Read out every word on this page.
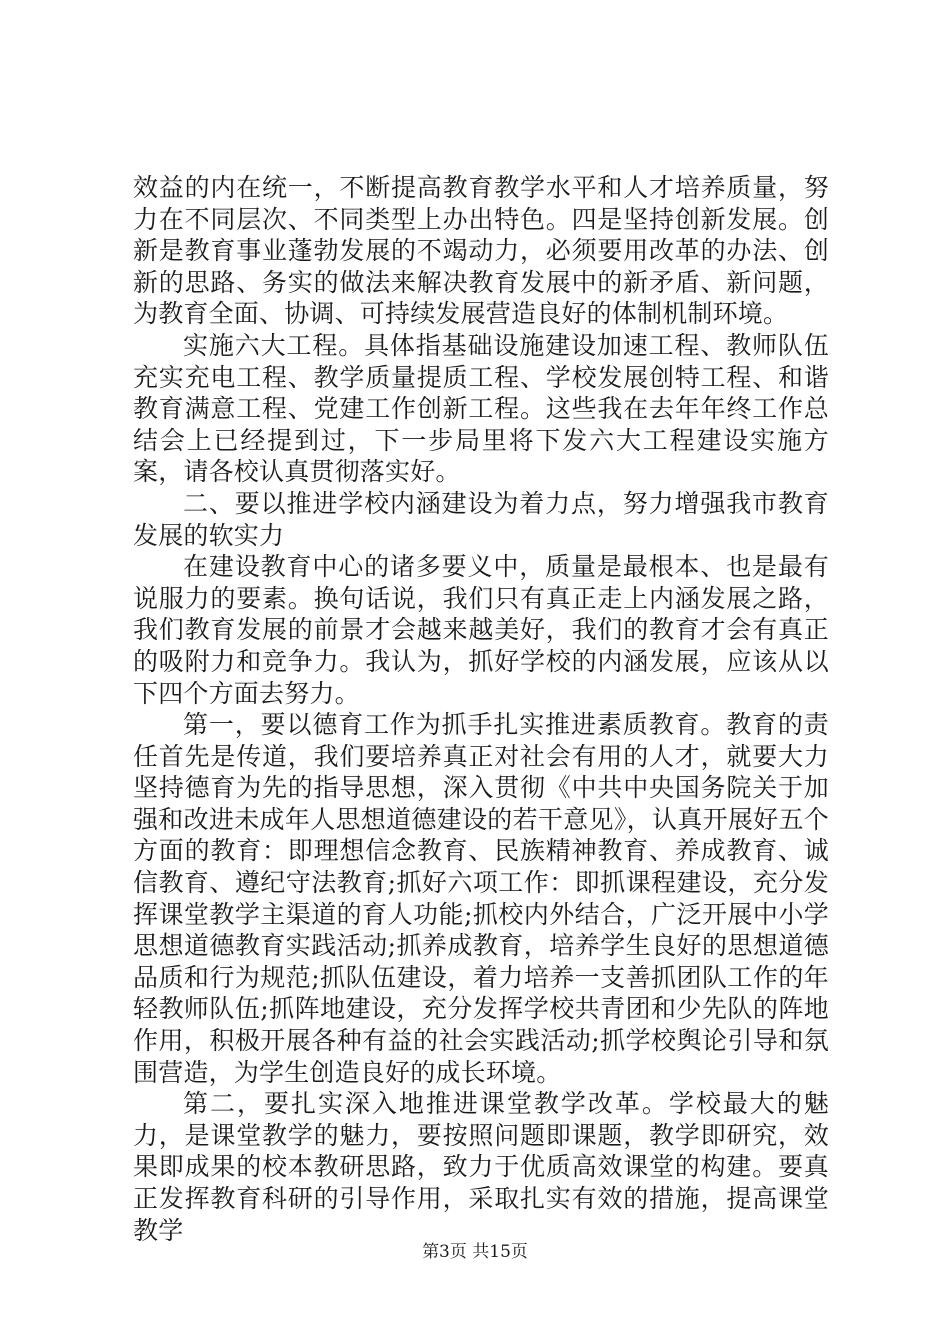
效益的内在统一，不断提高教育教学水平和人才培养质量，努力在不同层次、不同类型上办出特色。四是坚持创新发展。创新是教育事业蓬勃发展的不竭动力，必须要用改革的办法、创新的思路、务实的做法来解决教育发展中的新矛盾、新问题，为教育全面、协调、可持续发展营造良好的体制机制环境。

实施六大工程。具体指基础设施建设加速工程、教师队伍充实充电工程、教学质量提质工程、学校发展创特工程、和谐教育满意工程、党建工作创新工程。这些我在去年年终工作总结会上已经提到过，下一步局里将下发六大工程建设实施方案，请各校认真贯彻落实好。

二、要以推进学校内涵建设为着力点，努力增强我市教育发展的软实力

在建设教育中心的诸多要义中，质量是最根本、也是最有说服力的要素。换句话说，我们只有真正走上内涵发展之路，我们教育发展的前景才会越来越美好，我们的教育才会有真正的吸附力和竞争力。我认为，抓好学校的内涵发展，应该从以下四个方面去努力。

第一，要以德育工作为抓手扎实推进素质教育。教育的责任首先是传道，我们要培养真正对社会有用的人才，就要大力坚持德育为先的指导思想，深入贯彻《中共中央国务院关于加强和改进未成年人思想道德建设的若干意见》，认真开展好五个方面的教育：即理想信念教育、民族精神教育、养成教育、诚信教育、遵纪守法教育;抓好六项工作：即抓课程建设，充分发挥课堂教学主渠道的育人功能;抓校内外结合，广泛开展中小学思想道德教育实践活动;抓养成教育，培养学生良好的思想道德品质和行为规范;抓队伍建设，着力培养一支善抓团队工作的年轻教师队伍;抓阵地建设，充分发挥学校共青团和少先队的阵地作用，积极开展各种有益的社会实践活动;抓学校舆论引导和氛围营造，为学生创造良好的成长环境。

第二，要扎实深入地推进课堂教学改革。学校最大的魅力，是课堂教学的魅力，要按照问题即课题，教学即研究，效果即成果的校本教研思路，致力于优质高效课堂的构建。要真正发挥教育科研的引导作用，采取扎实有效的措施，提高课堂教学

第3页 共15页
